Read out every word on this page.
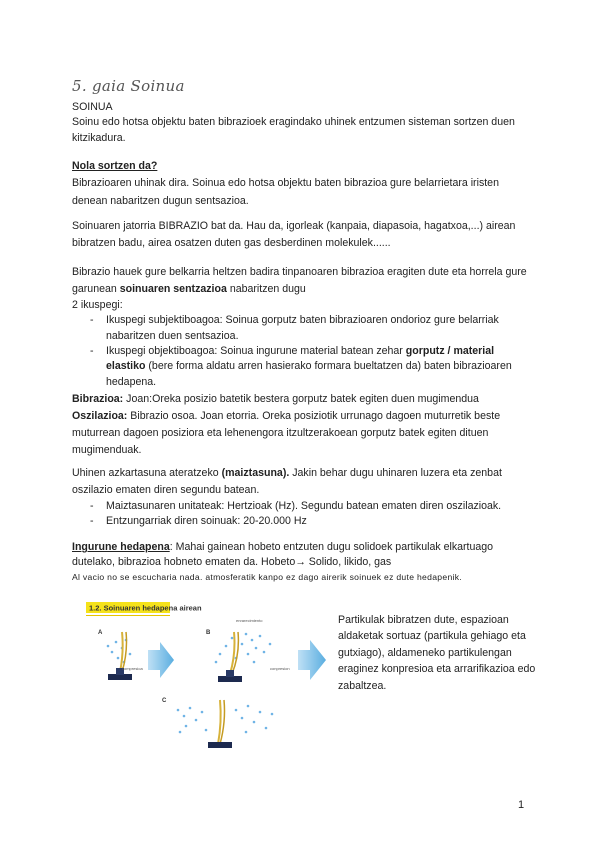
5. gaia Soinua

SOINUA

Soinu edo hotsa objektu baten bibrazioek eragindako uhinek entzumen sisteman sortzen duen kitzikadura.

Nola sortzen da?

Bibrazioaren uhinak dira. Soinua edo hotsa objektu baten bibrazioa gure belarrietara iristen denean nabaritzen dugun sentsazioa.

Soinuaren jatorria BIBRAZIO bat da. Hau da, igorleak (kanpaia, diapasoia, hagatxoa,...) airean bibratzen badu, airea osatzen duten gas desberdinen molekulek......

Bibrazio hauek gure belkarria heltzen badira tinpanoaren bibrazioa eragiten dute eta horrela gure garunean soinuaren sentzazioa nabaritzen dugu

2 ikuspegi:

- Ikuspegi subjektiboagoa: Soinua gorputz baten bibrazioaren ondorioz gure belarriak nabaritzen duen sentsazioa.
- Ikuspegi objektiboagoa: Soinua ingurune material batean zehar gorputz / material elastiko (bere forma aldatu arren hasierako formara bueltatzen da) baten bibrazioaren hedapena.

Bibrazioa: Joan:Oreka posizio batetik bestera gorputz batek egiten duen mugimendua

Oszilazioa: Bibrazio osoa. Joan etorria. Oreka posiziotik urrunago dagoen muturretik beste muturrean dagoen posiziora eta lehenengora itzultzerakoean gorputz batek egiten dituen mugimenduak.

Uhinen azkartasuna ateratzeko (maiztasuna). Jakin behar dugu uhinaren luzera eta zenbat oszilazio ematen diren segundu batean.

- Maiztasunaren unitateak: Hertzioak (Hz). Segundu batean ematen diren oszilazioak.
- Entzungarriak diren soinuak: 20-20.000 Hz

Ingurune hedapena: Mahai gainean hobeto entzuten dugu solidoek partikulak elkartuago dutelako, bibrazioa hobneto ematen da. Hobeto→ Solido, likido, gas

Al vacio no se escucharia nada. atmosferatik kanpo ez dago airerik soinuek ez dute hedapenik.

1.2. Soinuaren hedapena airean
A
kompresioa
B
enrarecimiento
conpresion
C
Partikulak bibratzen dute, espazioan aldaketak sortuaz (partikula gehiago eta gutxiago), aldameneko partikulengan eraginez konpresioa eta arrarifikazioa edo zabaltzea.
1
